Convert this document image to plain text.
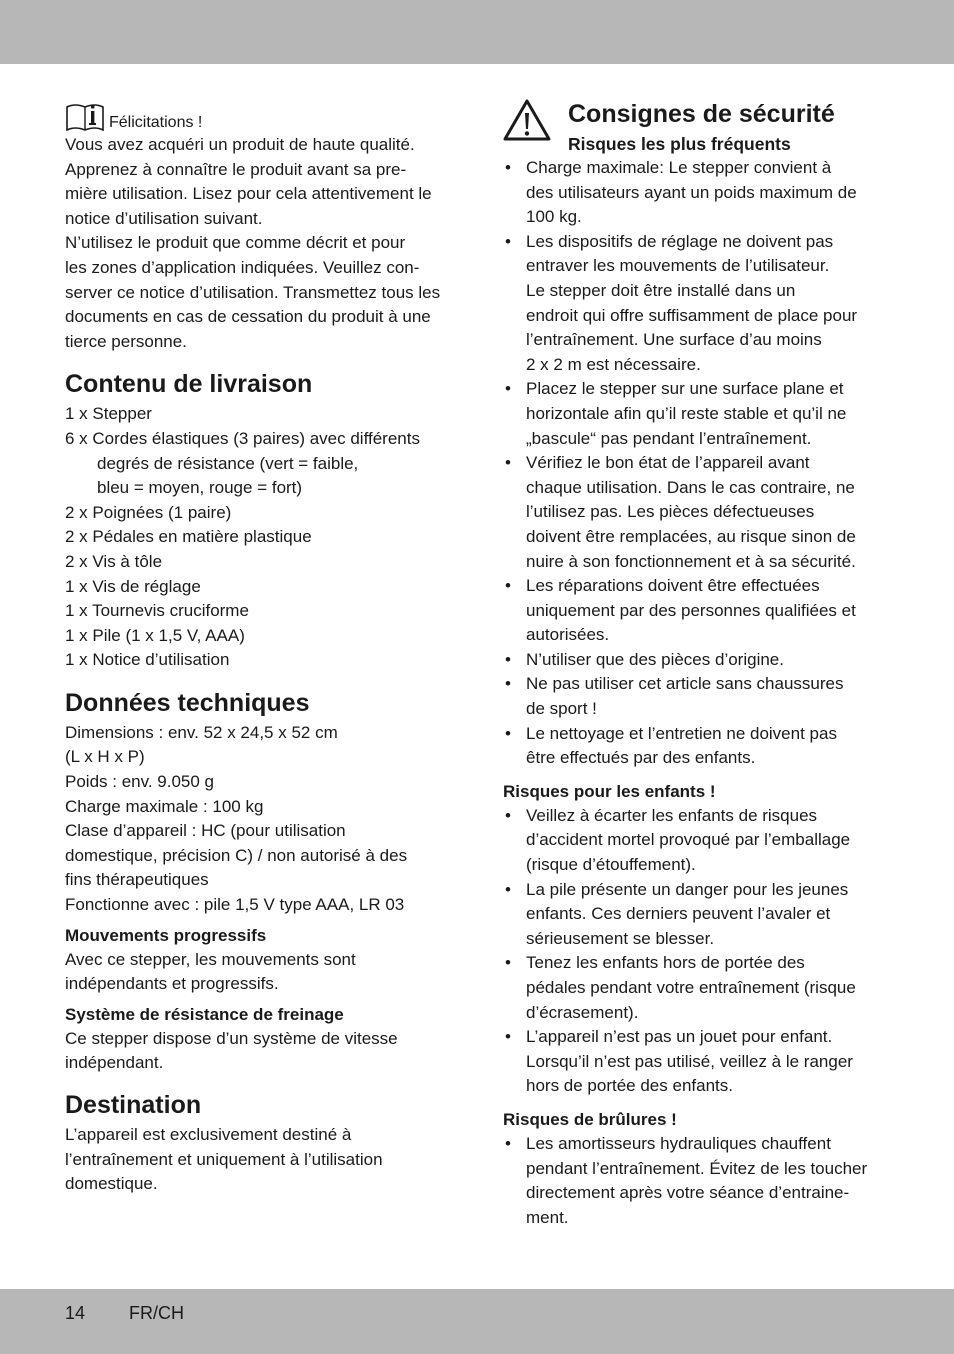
Félicitations !

Vous avez acquéri un produit de haute qualité.

Apprenez à connaître le produit avant sa pre-

mière utilisation. Lisez pour cela attentivement le

notice d’utilisation suivant.

N’utilisez le produit que comme décrit et pour

les zones d’application indiquées. Veuillez con-

server ce notice d’utilisation. Transmettez tous les

documents en cas de cessation du produit à une

tierce personne.

Contenu de livraison

1 x Stepper

6 x Cordes élastiques (3 paires) avec différents

degrés de résistance (vert = faible,

bleu = moyen, rouge = fort)

2 x Poignées (1 paire)

2 x Pédales en matière plastique

2 x Vis à tôle

1 x Vis de réglage

1 x Tournevis cruciforme

1 x Pile (1 x 1,5 V, AAA)

1 x Notice d’utilisation

Données techniques

Dimensions : env. 52 x 24,5 x 52 cm

(L x H x P)

Poids : env. 9.050 g

Charge maximale : 100 kg

Clase d’appareil : HC (pour utilisation

domestique, précision C) / non autorisé à des

fins thérapeutiques

Fonctionne avec : pile 1,5 V type AAA, LR 03

Mouvements progressifs

Avec ce stepper, les mouvements sont

indépendants et progressifs.

Système de résistance de freinage

Ce stepper dispose d’un système de vitesse

indépendant.

Destination

L’appareil est exclusivement destiné à

l’entraînement et uniquement à l’utilisation

domestique.

Consignes de sécurité
Risques les plus fréquents
• Charge maximale: Le stepper convient à
des utilisateurs ayant un poids maximum de
100 kg.
• Les dispositifs de réglage ne doivent pas
entraver les mouvements de l’utilisateur.
Le stepper doit être installé dans un
endroit qui offre suffisamment de place pour
l’entraînement. Une surface d’au moins
2 x 2 m est nécessaire.
• Placez le stepper sur une surface plane et
horizontale afin qu’il reste stable et qu’il ne
„bascule“ pas pendant l’entraînement.
• Vérifiez le bon état de l’appareil avant
chaque utilisation. Dans le cas contraire, ne
l’utilisez pas. Les pièces défectueuses
doivent être remplacées, au risque sinon de
nuire à son fonctionnement et à sa sécurité.
• Les réparations doivent être effectuées
uniquement par des personnes qualifiées et
autorisées.
• N’utiliser que des pièces d’origine.
• Ne pas utiliser cet article sans chaussures
de sport !
• Le nettoyage et l’entretien ne doivent pas
être effectués par des enfants.
Risques pour les enfants !
• Veillez à écarter les enfants de risques
d’accident mortel provoqué par l’emballage
(risque d’étouffement).
• La pile présente un danger pour les jeunes
enfants. Ces derniers peuvent l’avaler et
sérieusement se blesser.
• Tenez les enfants hors de portée des
pédales pendant votre entraînement (risque
d’écrasement).
• L’appareil n’est pas un jouet pour enfant.
Lorsqu’il n’est pas utilisé, veillez à le ranger
hors de portée des enfants.
Risques de brûlures !
• Les amortisseurs hydrauliques chauffent
pendant l’entraînement. Évitez de les toucher
directement après votre séance d’entraine-
ment.
14 FR/CH
